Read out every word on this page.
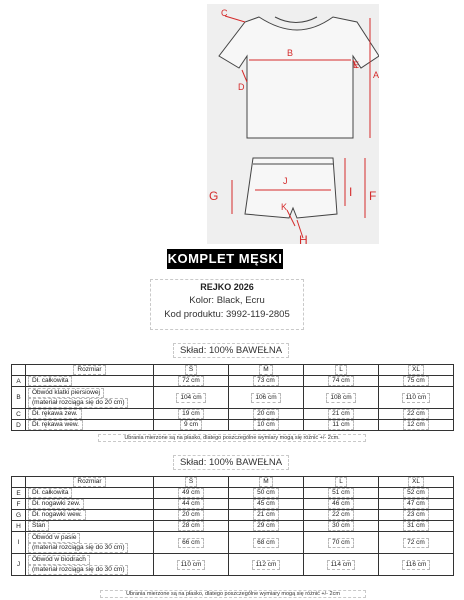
C
B
D
E
A
J
G	I F
K
H
KOMPLET MĘSKI
REJKO 2026
Kolor: Black, Ecru
Kod produktu: 3992-119-2805
Skład: 100% BAWEŁNA
	Rozmiar	S	M	L	XL
A	Dł. całkowita	72 cm	73 cm	74 cm	75 cm
B	Obwód klatki piersiowej
(materiał rozciąga się do 20 cm)	104 cm	106 cm	108 cm	110 cm
C	Dł. rękawa zew.	19 cm	20 cm	21 cm	22 cm
D	Dł. rękawa wew.	9 cm	10 cm	11 cm	12 cm
Ubrania mierzone są na płasko, dlatego poszczególne wymiary mogą się różnić +/- 2cm.
Skład: 100% BAWEŁNA
	Rozmiar	S	M	L	XL
E	Dł. całkowita	49 cm	50 cm	51 cm	52 cm
F	Dł. nogawki zew.	44 cm	45 cm	46 cm	47 cm
G	Dł. nogawki wew.	20 cm	21 cm	22 cm	23 cm
H	Stan	28 cm	29 cm	30 cm	31 cm
I	Obwód w pasie
(materiał rozciąga się do 30 cm)	66 cm	68 cm	70 cm	72 cm
J	Obwód w biodrach
(materiał rozciąga się do 30 cm)	110 cm	112 cm	114 cm	116 cm
Ubrania mierzone są na płasko, dlatego poszczególne wymiary mogą się różnić +/- 2cm
